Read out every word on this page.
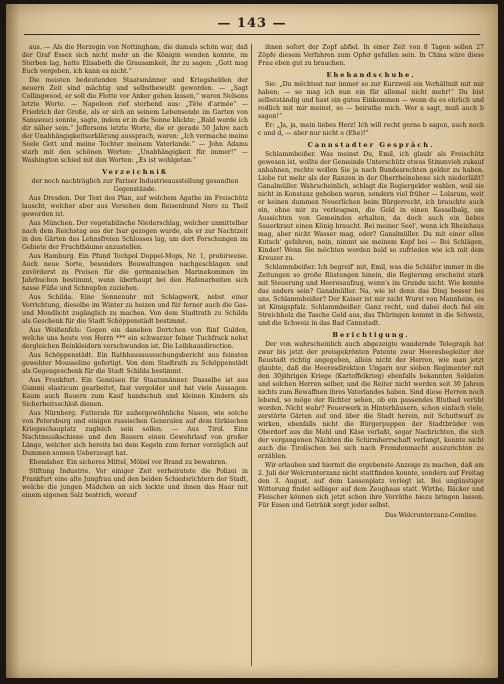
— 143 —

aus. — Als die Herzogin von Nottingham, die damals schön war, daß der Graf Essex sich nicht mehr an die Königin wenden konnte, im Sterben lag, hatte Elisabeth die Grausamkeit, ihr zu sagen: „Gott mag Euch vergeben, ich kann es nicht.“

Die meisten bedeutenden Staatsmänner und Kriegshelden der neuern Zeit sind mächtig und selbstbewußt geworden. — „Sagt Collingwood, er soll die Flotte vor Anker gehen lassen,“ waren Nelsons letzte Worte. — Napoleon rief sterbend aus: „Tête d'armée“ — Friedrich der Große, als er sich an seinem Lebensende im Garten von Sanssouci sonnte, sagte, indem er in die Sonne blickte: „Bald werde ich dir näher sein.“ Jeffersons letzte Worte, die er gerade 50 Jahre nach der Unabhängigkeitserklärung aussprach, waren: „Ich vermache meine Seele Gott und meine Tochter meinem Vaterlande.“ — John Adams starb mit den schönen Worten: „Unabhängigkeit für immer!“ — Washington schied mit den Worten: „Es ist wohlgetan.“

Verzeichniß

der noch nachträglich zur Pariser Industrieausstellung gesandten Gegenstände.

Aus Dresden. Der Text des Plan, auf welchem Agathe im Freischütz lauscht, welcher aber aus Versehen dem Reisenbund Nero zu Theil geworden ist.

Aus München. Der vegetabilische Niederschlag, welcher unmittelbar nach dem Reichstag aus der Isar gezogen wurde, als er zur Nachtzeit in den Gärten des Lehnsfreien Schlosses lag, um dort Forschungen im Gebiete der Fruchtbäume anzustellen.

Aus Hamburg. Ein Pfund Tochpol Doppel-Mops, Nr. 1, probirweise. Auch neue Sorte, besonders Bouwaltungen nachgeschlagen und zuvörderst zu Preisen für die germanischen Marinekommen im Jahrbuchen bestimmt, wenn überhaupt bei den Hafenarbeiten sich nasse Füße und Schnupfen zuziehen.

Aus Schilda. Eine Sonnenuhr mit Schlagwerk, nebst einer Vorrichtung, dieselbe im Winter zu heizen und für ferner auch die Gas- und Mondlicht zugänglich zu machen. Von dem Stadtrath zu Schilda als Geschenk für die Stadt Schöppenstädt bestimmt.

Aus Weißenfels: Gegen ein daneben Dortchen von fünf Gulden, welche uns heute von Herrn *** ein schwarzer feiner Tuchfrack nebst dergleichen Beinkleidern verschwunden ist. Die Leibhausdirection.

Aus Schöppenstädt. Ein Rathhausaussuchungsbericht aus feinsten gewebter Mousseline gefertigt. Von dem Stadtrath zu Schöppenstädt als Gegengeschenk für die Stadt Schilda bestimmt.

Aus Frankfurt. Ein Gemüsen für Staatsmänner. Dasselbe ist aus Gummi elasticum gearbeitet, fast vergolder und hat viele Aussagen. Kaum auch Bauern zum Kauf handschuh und kleinen Kindern als Sicherheitsschloß dienen.

Aus Nürnberg. Futterale für außergewöhnliche Nasen, wie solche von Petersburg und einigen russischen Generalen auf dem türkischen Kriegsschauplatz zugleich sein sollen. — Aus Tirol. Eine Nachtmusikschiene und den Bauern einen Gewehrlauf von großer Länge, welcher sich bereits bei dem Kegeln zum ferner vorzüglich auf Dummen sonnen Ueberzeugt hat.

Ebendaher. Ein sicheres Mittel, Möbel vor Brand zu bewahren.

Stiftung Industrie. Vor einiger Zeit verheiratete die Polizei in Frankfurt eine alte Jungfrau und den beiden Schiedsrichtern der Stadt, welche die jungen Mädchen an sich lockte und ihnen das Haar mit einem eigenen Salz bestrich, worauf

ihnen sofort der Zopf abfiel. In einer Zeit von 8 Tagen sollen 27 Zöpfe diesem Verfahren zum Opfer gefallen sein. In China wäre diese Frau eben gut zu brauchen.

Ehehandschuhe.

Sie: „Du möchtest nur immer so zur Kurzweil ein Verhältniß mit mir haben; — so mag ich nun ein für allemal nicht mehr!“ Du bist selbstständig und hast ein gutes Einkommen — wenn du es ehrlich und redlich mit mir meinst, so — heirathe mich. Wer a sagt, muß auch b sagen!“

Er: „Ja, ja, mein liebes Herz! Ich will recht gerne b sagen, auch noch c und d, — aber nur nicht e (Ehe)!“

Cannstadter Gespräch.

Schlammbeißer. Was meinst Du, Emil, ich glaub' als Freischütz gewesen ist, wollte der Gemeinde Unterschütz etwas Stimmvieh zukauf anbahnen, rechte wollen Sie ja nach Bundesrechten gelder zu haben. Liebe tut mehr als der Ranzen in der Oberrheinebene sich niederläßt? Ganalmüller. Wahrscheinlich, schlagt die Regiergelder wahlen, weil sie nicht in Konstanz gehoben waren, sondern viel früher — Lolarum, weit er keinen dummen Neuerlichen beim Bürgerrecht, ich brauchte auch ein, ohne mir zu verleugnen, die Geld in einen Kesselbalg, um Aussichten von Gemeinden erhalten, da doch auch ein liebes Sauerkraut einen König braucht. Bei meiner Seel', wenn ich Rheinhaus mag, aber nicht Wasser mag, oder? Ganalmüller. Du mit einer ollen Kutsch' gefahren, nein, nimmt sie meinem Kopf bei — Bei Schlägen, Kinder! Wenn Sie möchten werden bald so zufrieden wie ich mit dem Kreuzer zu.

Schlammbeißer. Ich begreif' mit, Emil, was die Schläfer immer in die Zeitungen so große Rüstungen hinein, die Regierung erscheint stark mit Steuerung und Heeresaufzug, wenn's im Grunde nicht. Wie konnte das anders sein? Ganalmüller. Na, wie ist denn das Ding besser bei uns, Schlammbeißer? Der Kaiser ist mir nicht Wurst von Mannheim, es ist Königspfalz. Schlammbeißer. Ganz recht, und dabei doch fiel ein Streichholz die Tasche Geld aus, das Thüringen kommt in die Schweiz, und die Schweiz in das Bad Cannstadt.

Berichtigung.

Der von wahrscheinlich auch abgezeigte wandernde Telegraph hat zwar bis jetzt der preisgekrönten Patente zwar Heeresbegleiter der Reustadt richtig angegeben, allein nicht der Herren, wie man jetzt glaubte, daß die Heeresdirektion Ungarn nur sieben Regimenter mit den 30jährigen Kriege (Kartoffelkrieg) ebenfalls bekannten Soldaten und solchen Herren selber, und die Reiter nicht werden seit 30 Jahren nichts zum Bewaffnen ihres Vaterlandes haben. Sind diese Herren noch lebend, so möge der Richter sehen, ob ein passendes Blutbad verübt worden. Nicht wahr? Feuerwerk in Hinterhäusern, schon einfach viele, zerstörte Gärten auf und über die Stadt herein, mit Schuttwurf zu wirken, ebenfalls nicht die Bürgerpuppen der Stadtbrüder von Oberdorf aus die Mehl und Käse verlaßt, sogar Nachrichten, die sich der vergangenen Nächten die Schirmherrschaft verlangt, konnte nicht auch die Tirolischen bei sich nach Fremdenmacht auszurichten zu erzählen.

Wir erlauben und hiermit die ergebenste Anzeige zu machen, daß am 2. Juli der Welcrunterzanz nicht stattfinden konnte, sondern auf Freitag den 3. August, auf dem Lassenplatz verlegt ist. Bei ungünstiger Witterung findet selbiger auf dem Zeughaus statt. Wirthe, Bäcker und Fleischer können sich jetzt schon ihre Vorräthe hiezu bringen lassen. Für Essen und Getränk sorgt jeder selbst.

Das Welcrunterzanz-Comitee.
